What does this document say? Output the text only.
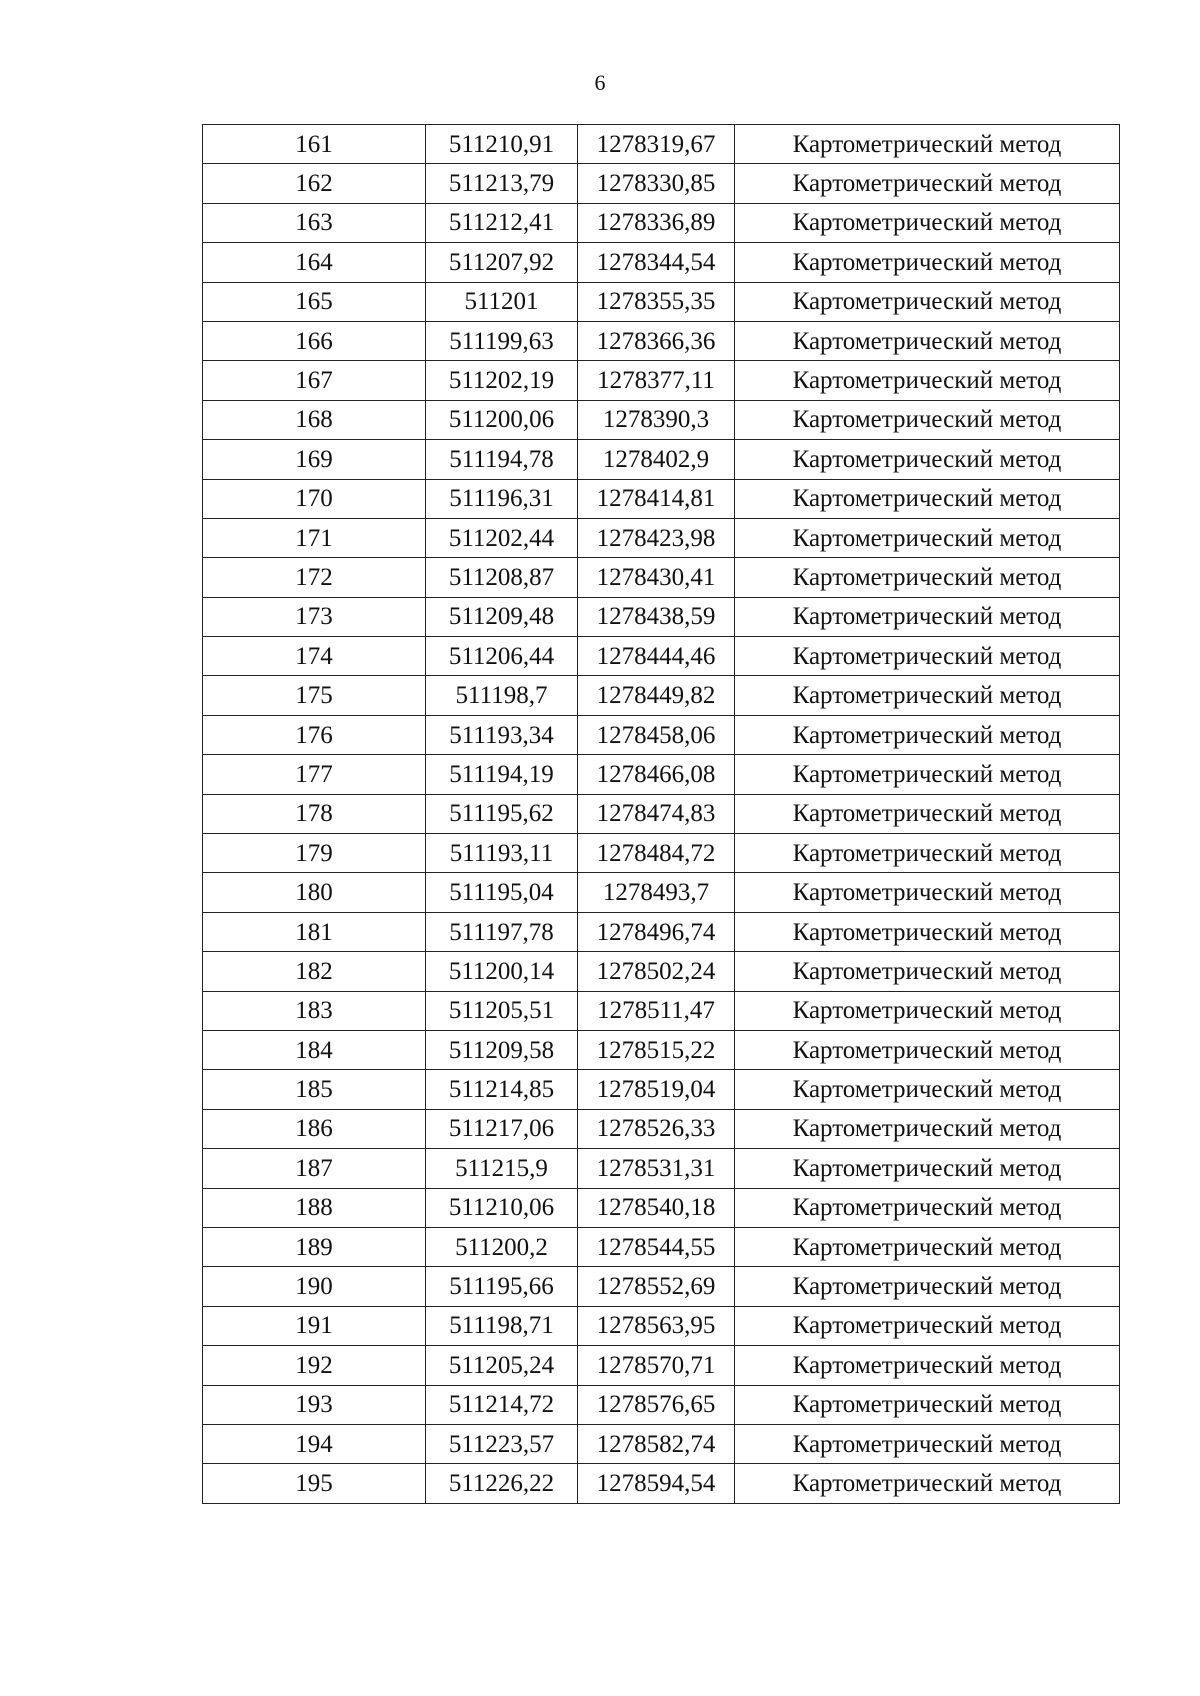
6
161	511210,91	1278319,67	Картометрический метод
162	511213,79	1278330,85	Картометрический метод
163	511212,41	1278336,89	Картометрический метод
164	511207,92	1278344,54	Картометрический метод
165	511201	1278355,35	Картометрический метод
166	511199,63	1278366,36	Картометрический метод
167	511202,19	1278377,11	Картометрический метод
168	511200,06	1278390,3	Картометрический метод
169	511194,78	1278402,9	Картометрический метод
170	511196,31	1278414,81	Картометрический метод
171	511202,44	1278423,98	Картометрический метод
172	511208,87	1278430,41	Картометрический метод
173	511209,48	1278438,59	Картометрический метод
174	511206,44	1278444,46	Картометрический метод
175	511198,7	1278449,82	Картометрический метод
176	511193,34	1278458,06	Картометрический метод
177	511194,19	1278466,08	Картометрический метод
178	511195,62	1278474,83	Картометрический метод
179	511193,11	1278484,72	Картометрический метод
180	511195,04	1278493,7	Картометрический метод
181	511197,78	1278496,74	Картометрический метод
182	511200,14	1278502,24	Картометрический метод
183	511205,51	1278511,47	Картометрический метод
184	511209,58	1278515,22	Картометрический метод
185	511214,85	1278519,04	Картометрический метод
186	511217,06	1278526,33	Картометрический метод
187	511215,9	1278531,31	Картометрический метод
188	511210,06	1278540,18	Картометрический метод
189	511200,2	1278544,55	Картометрический метод
190	511195,66	1278552,69	Картометрический метод
191	511198,71	1278563,95	Картометрический метод
192	511205,24	1278570,71	Картометрический метод
193	511214,72	1278576,65	Картометрический метод
194	511223,57	1278582,74	Картометрический метод
195	511226,22	1278594,54	Картометрический метод
